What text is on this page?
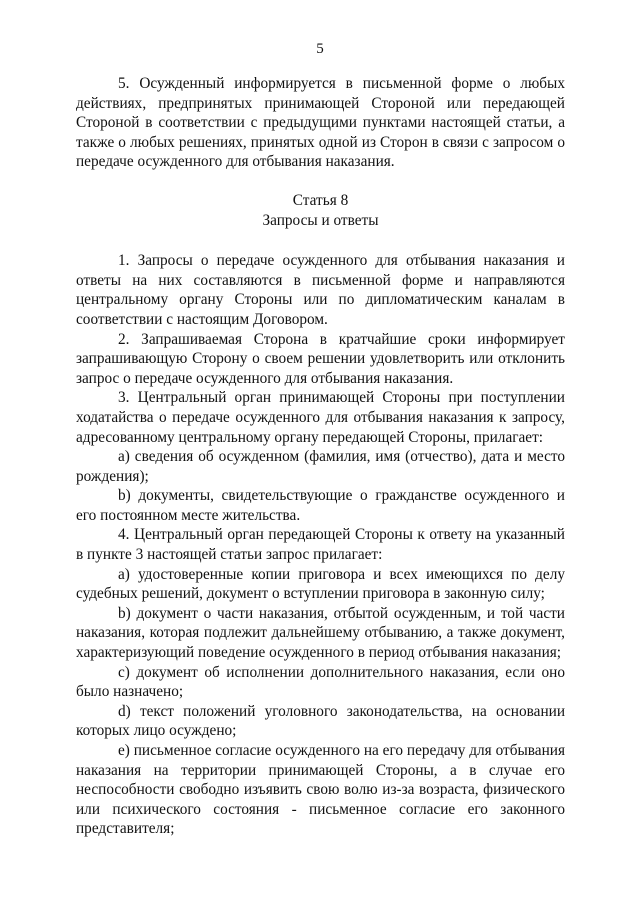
5

5. Осужденный информируется в письменной форме о любых действиях, предпринятых принимающей Стороной или передающей Стороной в соответствии с предыдущими пунктами настоящей статьи, а также о любых решениях, принятых одной из Сторон в связи с запросом о передаче осужденного для отбывания наказания.

Статья 8
Запросы и ответы

1. Запросы о передаче осужденного для отбывания наказания и ответы на них составляются в письменной форме и направляются центральному органу Стороны или по дипломатическим каналам в соответствии с настоящим Договором.

2. Запрашиваемая Сторона в кратчайшие сроки информирует запрашивающую Сторону о своем решении удовлетворить или отклонить запрос о передаче осужденного для отбывания наказания.

3. Центральный орган принимающей Стороны при поступлении ходатайства о передаче осужденного для отбывания наказания к запросу, адресованному центральному органу передающей Стороны, прилагает:

а) сведения об осужденном (фамилия, имя (отчество), дата и место рождения);

b) документы, свидетельствующие о гражданстве осужденного и его постоянном месте жительства.

4. Центральный орган передающей Стороны к ответу на указанный в пункте 3 настоящей статьи запрос прилагает:

а) удостоверенные копии приговора и всех имеющихся по делу судебных решений, документ о вступлении приговора в законную силу;

b) документ о части наказания, отбытой осужденным, и той части наказания, которая подлежит дальнейшему отбыванию, а также документ, характеризующий поведение осужденного в период отбывания наказания;

c) документ об исполнении дополнительного наказания, если оно было назначено;

d) текст положений уголовного законодательства, на основании которых лицо осуждено;

e) письменное согласие осужденного на его передачу для отбывания наказания на территории принимающей Стороны, а в случае его неспособности свободно изъявить свою волю из-за возраста, физического или психического состояния - письменное согласие его законного представителя;
